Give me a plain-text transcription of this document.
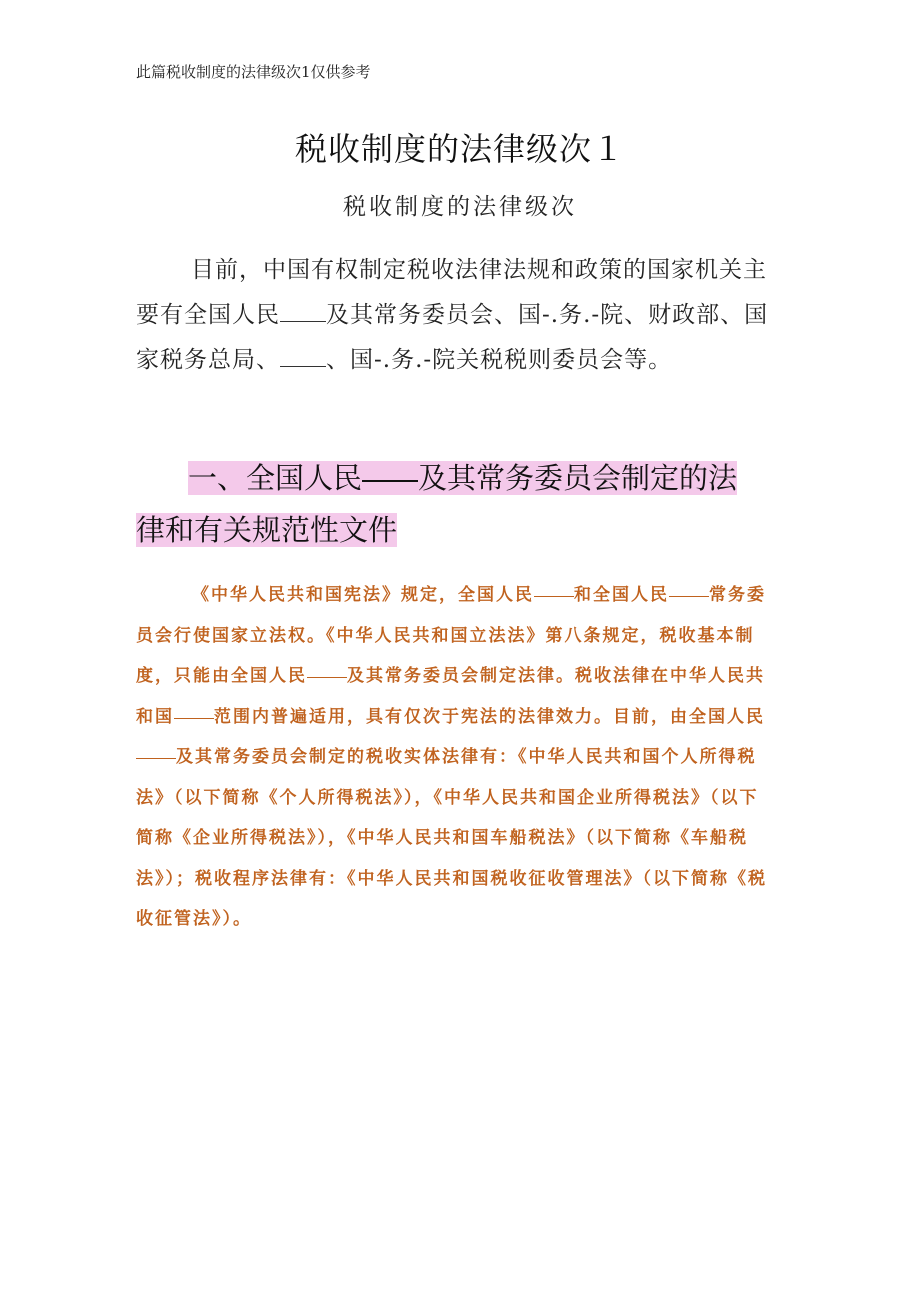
此篇税收制度的法律级次1仅供参考
税收制度的法律级次１
税收制度的法律级次

目前，中国有权制定税收法律法规和政策的国家机关主要有全国人民 及其常务委员会、国-.务.-院、财政部、国家税务总局、 、国-.务.-院关税税则委员会等。

一、全国人民 及其常务委员会制定的法律和有关规范性文件

《中华人民共和国宪法》规定，全国人民 和全国人民 常务委员会行使国家立法权。《中华人民共和国立法法》第八条规定，税收基本制度，只能由全国人民 及其常务委员会制定法律。税收法律在中华人民共和国 范围内普遍适用，具有仅次于宪法的法律效力。目前，由全国人民及其常务委员会制定的税收实体法律有：《中华人民共和国个人所得税法》（以下简称《个人所得税法》），《中华人民共和国企业所得税法》（以下简称《企业所得税法》），《中华人民共和国车船税法》（以下简称《车船税法》）；税收程序法律有：《中华人民共和国税收征收管理法》（以下简称《税收征管法》）。
